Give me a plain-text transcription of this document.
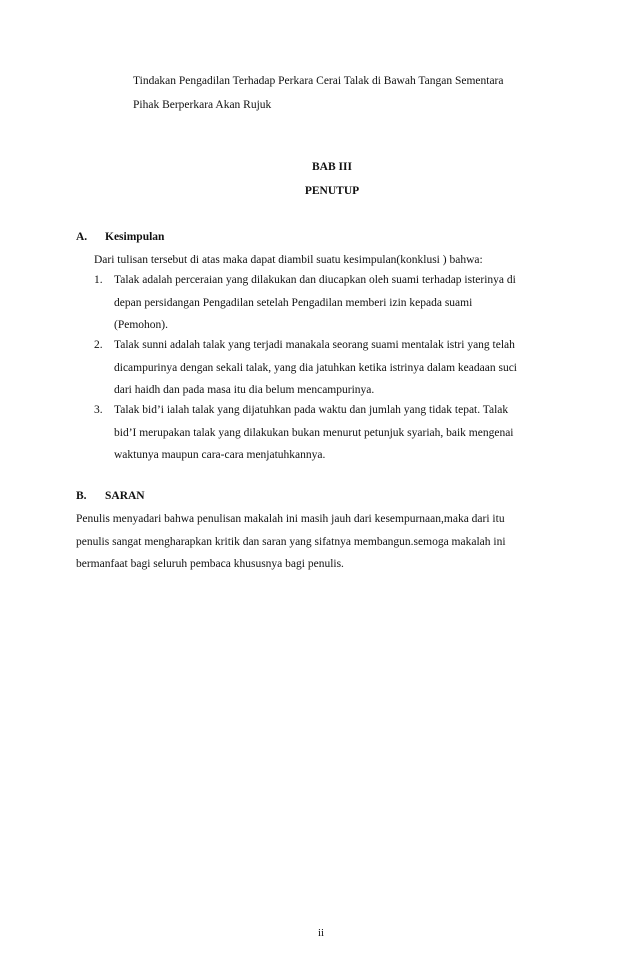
Tindakan Pengadilan Terhadap Perkara Cerai Talak di Bawah Tangan Sementara
Pihak Berperkara Akan Rujuk
BAB III
PENUTUP
A. Kesimpulan
Dari tulisan tersebut di atas maka dapat diambil suatu kesimpulan(konklusi ) bahwa:
1. Talak adalah perceraian yang dilakukan dan diucapkan oleh suami terhadap isterinya di
depan persidangan Pengadilan setelah Pengadilan memberi izin kepada suami
(Pemohon).
2. Talak sunni adalah talak yang terjadi manakala seorang suami mentalak istri yang telah
dicampurinya dengan sekali talak, yang dia jatuhkan ketika istrinya dalam keadaan suci
dari haidh dan pada masa itu dia belum mencampurinya.
3. Talak bid’i ialah talak yang dijatuhkan pada waktu dan jumlah yang tidak tepat. Talak
bid’I merupakan talak yang dilakukan bukan menurut petunjuk syariah, baik mengenai
waktunya maupun cara-cara menjatuhkannya.
B. SARAN
Penulis menyadari bahwa penulisan makalah ini masih jauh dari kesempurnaan,maka dari itu
penulis sangat mengharapkan kritik dan saran yang sifatnya membangun.semoga makalah ini
bermanfaat bagi seluruh pembaca khususnya bagi penulis.
ii
